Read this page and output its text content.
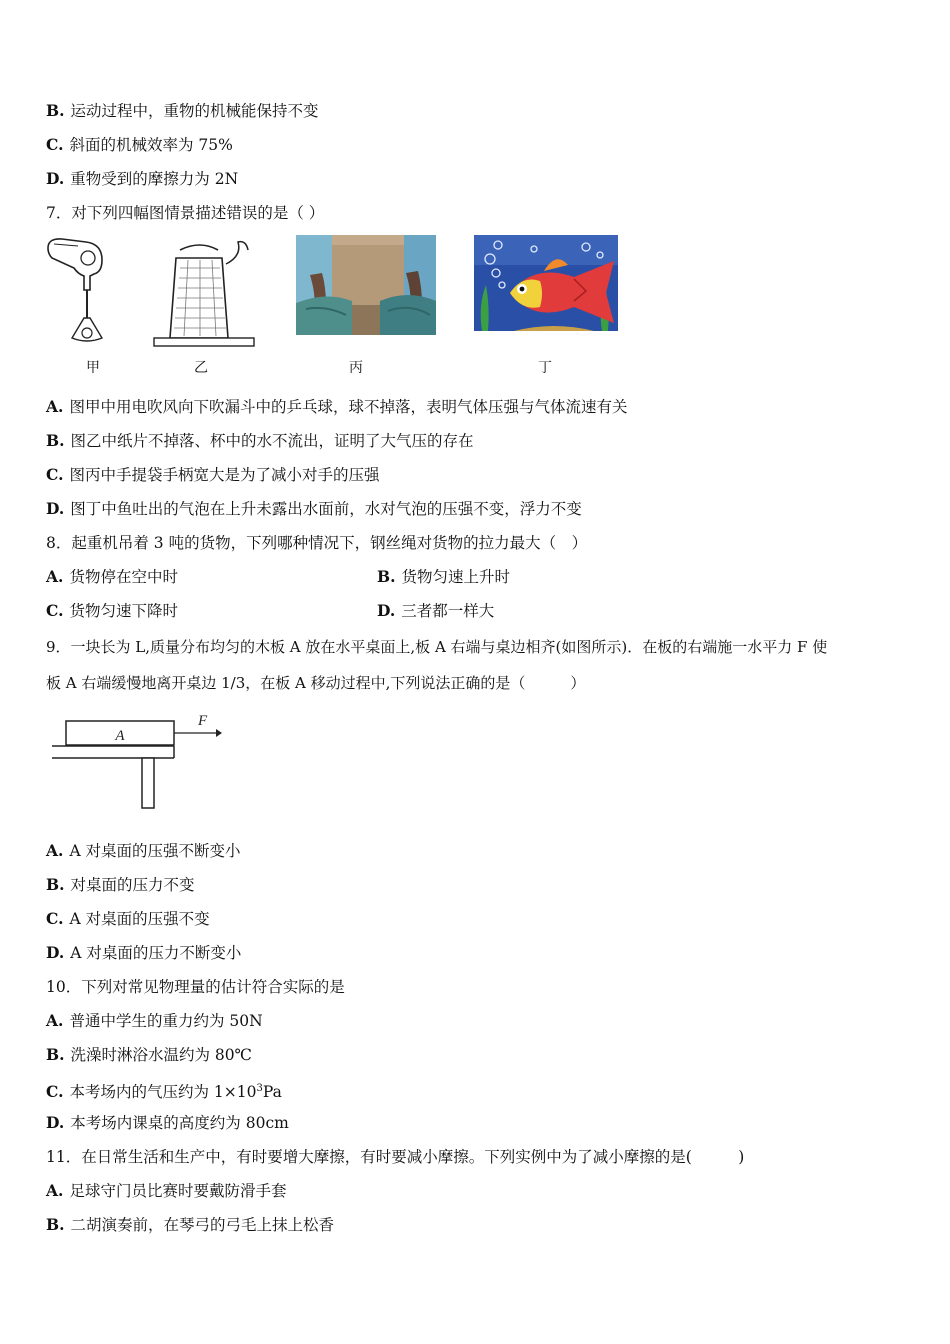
B. 运动过程中，重物的机械能保持不变
C. 斜面的机械效率为 75%
D. 重物受到的摩擦力为 2N
7．对下列四幅图情景描述错误的是（ ）
甲	乙	丙	丁
A. 图甲中用电吹风向下吹漏斗中的乒乓球，球不掉落，表明气体压强与气体流速有关
B. 图乙中纸片不掉落、杯中的水不流出，证明了大气压的存在
C. 图丙中手提袋手柄宽大是为了减小对手的压强
D. 图丁中鱼吐出的气泡在上升未露出水面前，水对气泡的压强不变，浮力不变
8．起重机吊着 3 吨的货物，下列哪种情况下，钢丝绳对货物的拉力最大（　）
A. 货物停在空中时	B. 货物匀速上升时
C. 货物匀速下降时	D. 三者都一样大
9．一块长为 L,质量分布均匀的木板 A 放在水平桌面上,板 A 右端与桌边相齐(如图所示)．在板的右端施一水平力 F 使
板 A 右端缓慢地离开桌边 1/3，在板 A 移动过程中,下列说法正确的是（　　　）
A
F
A. A 对桌面的压强不断变小
B. 对桌面的压力不变
C. A 对桌面的压强不变
D. A 对桌面的压力不断变小
10．下列对常见物理量的估计符合实际的是
A. 普通中学生的重力约为 50N
B. 洗澡时淋浴水温约为 80℃
C. 本考场内的气压约为 $1\times 10^3Pa$
D. 本考场内课桌的高度约为 80cm
11．在日常生活和生产中，有时要增大摩擦，有时要减小摩擦。下列实例中为了减小摩擦的是(　　　)
A. 足球守门员比赛时要戴防滑手套
B. 二胡演奏前，在琴弓的弓毛上抹上松香
